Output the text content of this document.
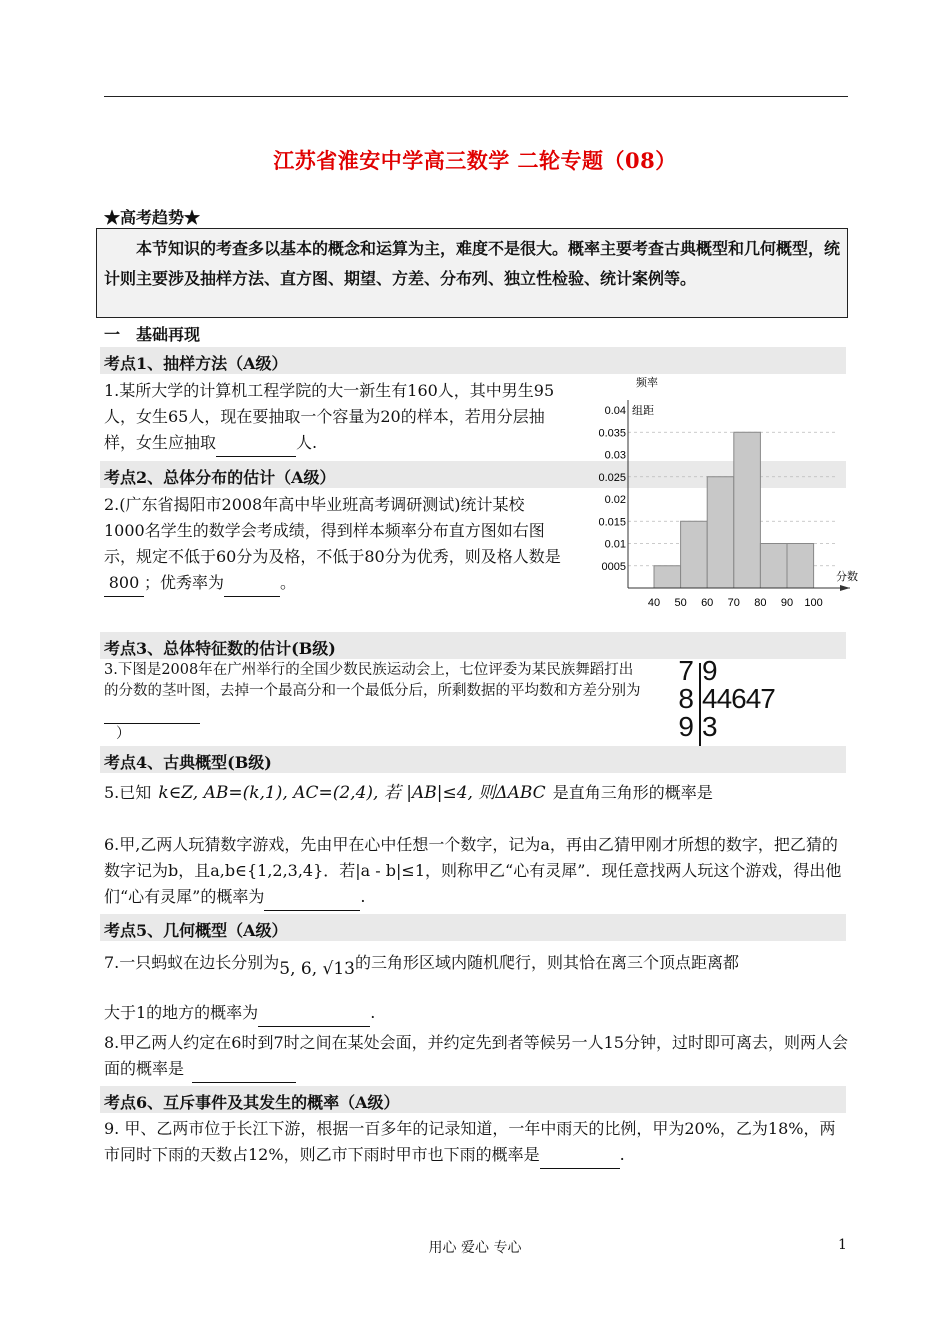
江苏省淮安中学高三数学 二轮专题（08）
★高考趋势★
本节知识的考查多以基本的概念和运算为主，难度不是很大。概率主要考查古典概型和几何概型，统计则主要涉及抽样方法、直方图、期望、方差、分布列、独立性检验、统计案例等。
一　基础再现
考点1、抽样方法（A级）
1.某所大学的计算机工程学院的大一新生有160人，其中男生95人，女生65人，现在要抽取一个容量为20的样本，若用分层抽样，女生应抽取	人.
考点2、总体分布的估计（A级）
2.(广东省揭阳市2008年高中毕业班高考调研测试)统计某校1000名学生的数学会考成绩，得到样本频率分布直方图如右图示，规定不低于60分为及格，不低于80分为优秀，则及格人数是800 ；优秀率为	。
频率
组距
0005
0.01
0.015
0.02
0.025
0.03
0.035
0.04
40 50 60 70 80 90 100
分数
考点3、总体特征数的估计(B级)
3.下图是2008年在广州举行的全国少数民族运动会上，七位评委为某民族舞蹈打出的分数的茎叶图，去掉一个最高分和一个最低分后，所剩数据的平均数和方差分别为
）
7 9
8 44647
9 3
考点4、古典概型(B级)
5.已知 k∈Z, AB=(k,1), AC=(2,4), 若 |AB|≤4, 则ΔABC 是直角三角形的概率是
6.甲,乙两人玩猜数字游戏，先由甲在心中任想一个数字，记为a，再由乙猜甲刚才所想的数字，把乙猜的数字记为b，且a,b∈{1,2,3,4}．若|a - b|≤1，则称甲乙“心有灵犀”．现任意找两人玩这个游戏，得出他们“心有灵犀”的概率为	.
考点5、几何概型（A级）
7.一只蚂蚁在边长分别为5, 6, √13的三角形区域内随机爬行，则其恰在离三个顶点距离都
大于1的地方的概率为	.
8.甲乙两人约定在6时到7时之间在某处会面，并约定先到者等候另一人15分钟，过时即可离去，则两人会面的概率是
考点6、互斥事件及其发生的概率（A级）
9. 甲、乙两市位于长江下游，根据一百多年的记录知道，一年中雨天的比例，甲为20%，乙为18%，两市同时下雨的天数占12%，则乙市下雨时甲市也下雨的概率是	.
用心 爱心 专心	1
